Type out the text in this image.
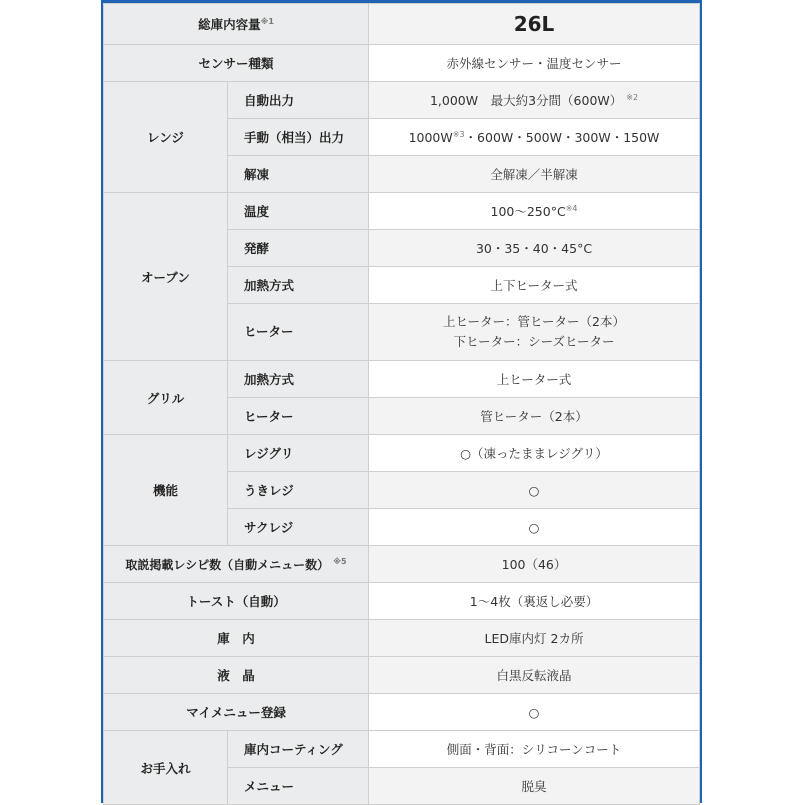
総庫内容量$^{※1}$		26L
センサー種類		赤外線センサー・温度センサー
レンジ	自動出力	1,000W　最大約3分間（600W） $^{※2}$
	手動（相当）出力	$1000W^{※3}$・600W・500W・300W・150W
	解凍	全解凍／半解凍
オーブン	温度	$100\sim 250^\circ C^{※4}$
	発酵	30・35・40・45°C
	加熱方式	上下ヒーター式
	ヒーター	上ヒーター：管ヒーター（2本）
下ヒーター：シーズヒーター

グリル	加熱方式	上ヒーター式
	ヒーター	管ヒーター（2本）
機能	レジグリ	○（凍ったままレジグリ）
	うきレジ	○
	サクレジ	○
取説掲載レシピ数（自動メニュー数） $^{※5}$		100（46）
トースト（自動）		1～4枚（裏返し必要）
庫　内		LED庫内灯 2カ所
液　晶		白黒反転液晶
マイメニュー登録		○
お手入れ	庫内コーティング	側面・背面：シリコーンコート
	メニュー	脱臭
